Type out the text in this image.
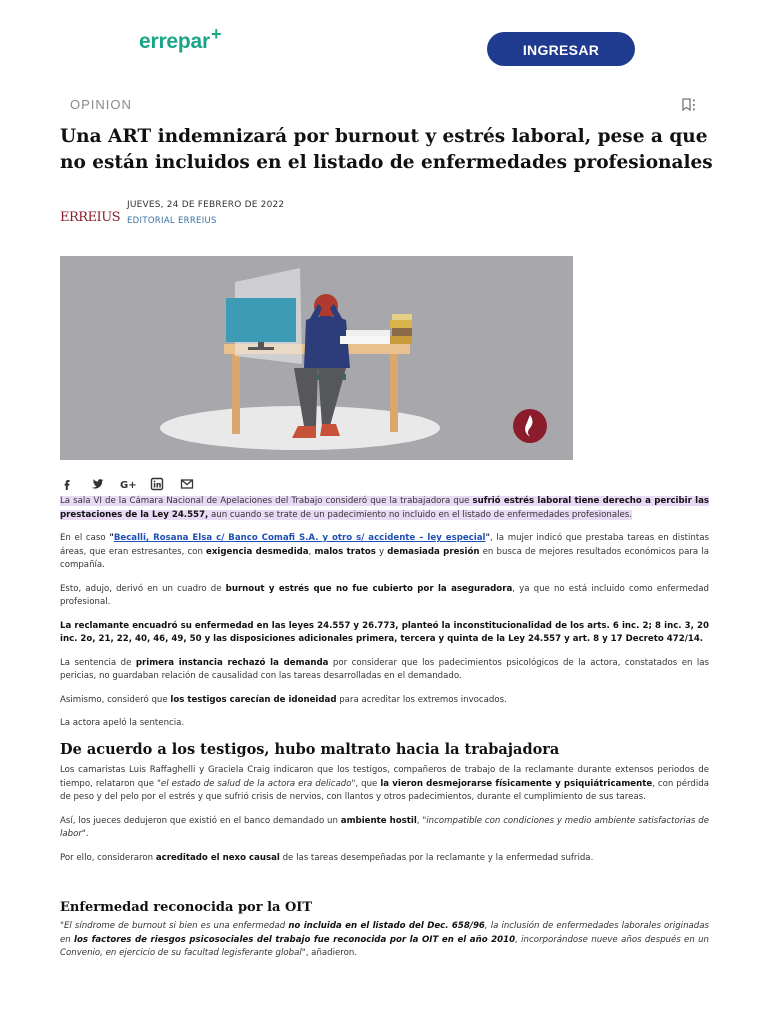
errepar+
INGRESAR
OPINION
Una ART indemnizará por burnout y estrés laboral, pese a que no están incluidos en el listado de enfermedades profesionales
ERREIUS
JUEVES, 24 DE FEBRERO DE 2022
EDITORIAL ERREIUS

G+

La sala VI de la Cámara Nacional de Apelaciones del Trabajo consideró que la trabajadora que sufrió estrés laboral tiene derecho a percibir las prestaciones de la Ley 24.557, aun cuando se trate de un padecimiento no incluido en el listado de enfermedades profesionales.

En el caso "Becalli, Rosana Elsa c/ Banco Comafi S.A. y otro s/ accidente – ley especial", la mujer indicó que prestaba tareas en distintas áreas, que eran estresantes, con exigencia desmedida, malos tratos y demasiada presión en busca de mejores resultados económicos para la compañía.

Esto, adujo, derivó en un cuadro de burnout y estrés que no fue cubierto por la aseguradora, ya que no está incluido como enfermedad profesional.

La reclamante encuadró su enfermedad en las leyes 24.557 y 26.773, planteó la inconstitucionalidad de los arts. 6 inc. 2; 8 inc. 3, 20 inc. 2o, 21, 22, 40, 46, 49, 50 y las disposiciones adicionales primera, tercera y quinta de la Ley 24.557 y art. 8 y 17 Decreto 472/14.

La sentencia de primera instancia rechazó la demanda por considerar que los padecimientos psicológicos de la actora, constatados en las pericias, no guardaban relación de causalidad con las tareas desarrolladas en el demandado.

Asimismo, consideró que los testigos carecían de idoneidad para acreditar los extremos invocados.

La actora apeló la sentencia.

De acuerdo a los testigos, hubo maltrato hacia la trabajadora

Los camaristas Luis Raffaghelli y Graciela Craig indicaron que los testigos, compañeros de trabajo de la reclamante durante extensos periodos de tiempo, relataron que "el estado de salud de la actora era delicado", que la vieron desmejorarse físicamente y psiquiátricamente, con pérdida de peso y del pelo por el estrés y que sufrió crisis de nervios, con llantos y otros padecimientos, durante el cumplimiento de sus tareas.

Así, los jueces dedujeron que existió en el banco demandado un ambiente hostil, "incompatible con condiciones y medio ambiente satisfactorias de labor".

Por ello, consideraron acreditado el nexo causal de las tareas desempeñadas por la reclamante y la enfermedad sufrida.

Enfermedad reconocida por la OIT

"El síndrome de burnout si bien es una enfermedad no incluida en el listado del Dec. 658/96, la inclusión de enfermedades laborales originadas en los factores de riesgos psicosociales del trabajo fue reconocida por la OIT en el año 2010, incorporándose nueve años después en un Convenio, en ejercicio de su facultad legisferante global", añadieron.
